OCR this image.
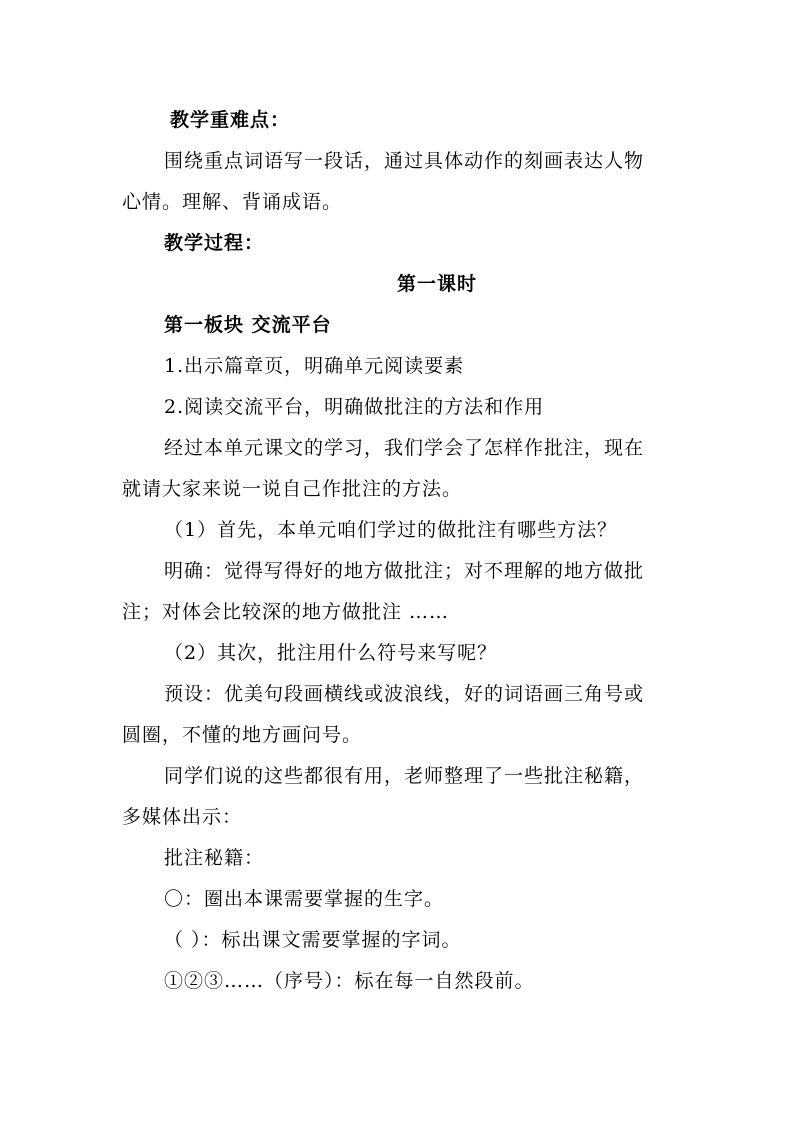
教学重难点：
围绕重点词语写一段话，通过具体动作的刻画表达人物
心情。理解、背诵成语。
教学过程：
第一课时
第一板块 交流平台
1.出示篇章页，明确单元阅读要素
2.阅读交流平台，明确做批注的方法和作用
经过本单元课文的学习，我们学会了怎样作批注，现在
就请大家来说一说自己作批注的方法。
（1）首先，本单元咱们学过的做批注有哪些方法？
明确：觉得写得好的地方做批注；对不理解的地方做批
注；对体会比较深的地方做批注 ……
（2）其次，批注用什么符号来写呢？
预设：优美句段画横线或波浪线，好的词语画三角号或
圆圈，不懂的地方画问号。
同学们说的这些都很有用，老师整理了一些批注秘籍，
多媒体出示：
批注秘籍：
〇：圈出本课需要掌握的生字。
（ ）：标出课文需要掌握的字词。
①②③……（序号）：标在每一自然段前。
